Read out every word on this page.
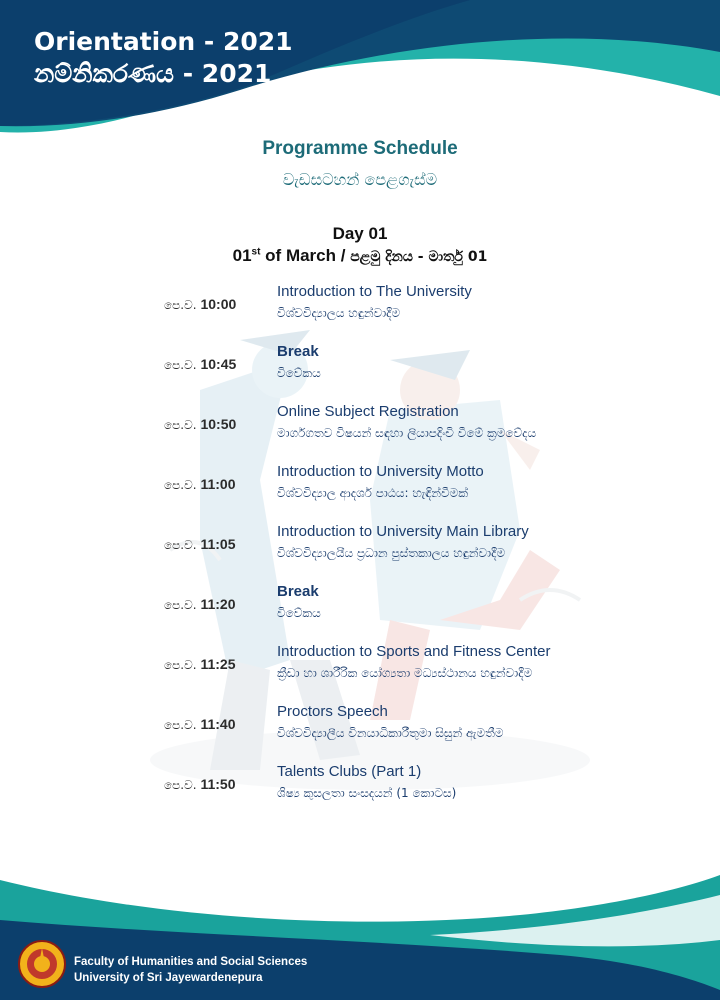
Orientation - 2021
නම්නිකරණය - 2021
Programme Schedule
වැඩසටහන් පෙළගැස්ම
Day 01
01st of March / පළමු දිනය - මාර්තු 01
පෙ.ව. 10:00
Introduction to The University
විශ්වවිද්‍යාලය හඳුන්වාදීම
පෙ.ව. 10:45
Break
විවේකය
පෙ.ව. 10:50
Online Subject Registration
මාර්ගගතව විෂයන් සඳහා ලියාපදිංචි වීමේ ක්‍රමවේදය
පෙ.ව. 11:00
Introduction to University Motto
විශ්වවිද්‍යාල ආදර්ශ පාඨය: හැඳින්වීමක්
පෙ.ව. 11:05
Introduction to University Main Library
විශ්වවිද්‍යාලයීය ප්‍රධාන පුස්තකාලය හඳුන්වාදීම
පෙ.ව. 11:20
Break
විවේකය
පෙ.ව. 11:25
Introduction to Sports and Fitness Center
ක්‍රීඩා හා ශාරීරික යෝග්‍යතා මධ්‍යස්ථානය හඳුන්වාදීම
පෙ.ව. 11:40
Proctors Speech
විශ්වවිද්‍යාලීය විනයාධිකාරීතුමා සිසුන් ඇමතීම
පෙ.ව. 11:50
Talents Clubs (Part 1)
ශිෂ්‍ය කුසලතා සංසදයන් (1 කොටස)
Faculty of Humanities and Social Sciences
University of Sri Jayewardenepura
